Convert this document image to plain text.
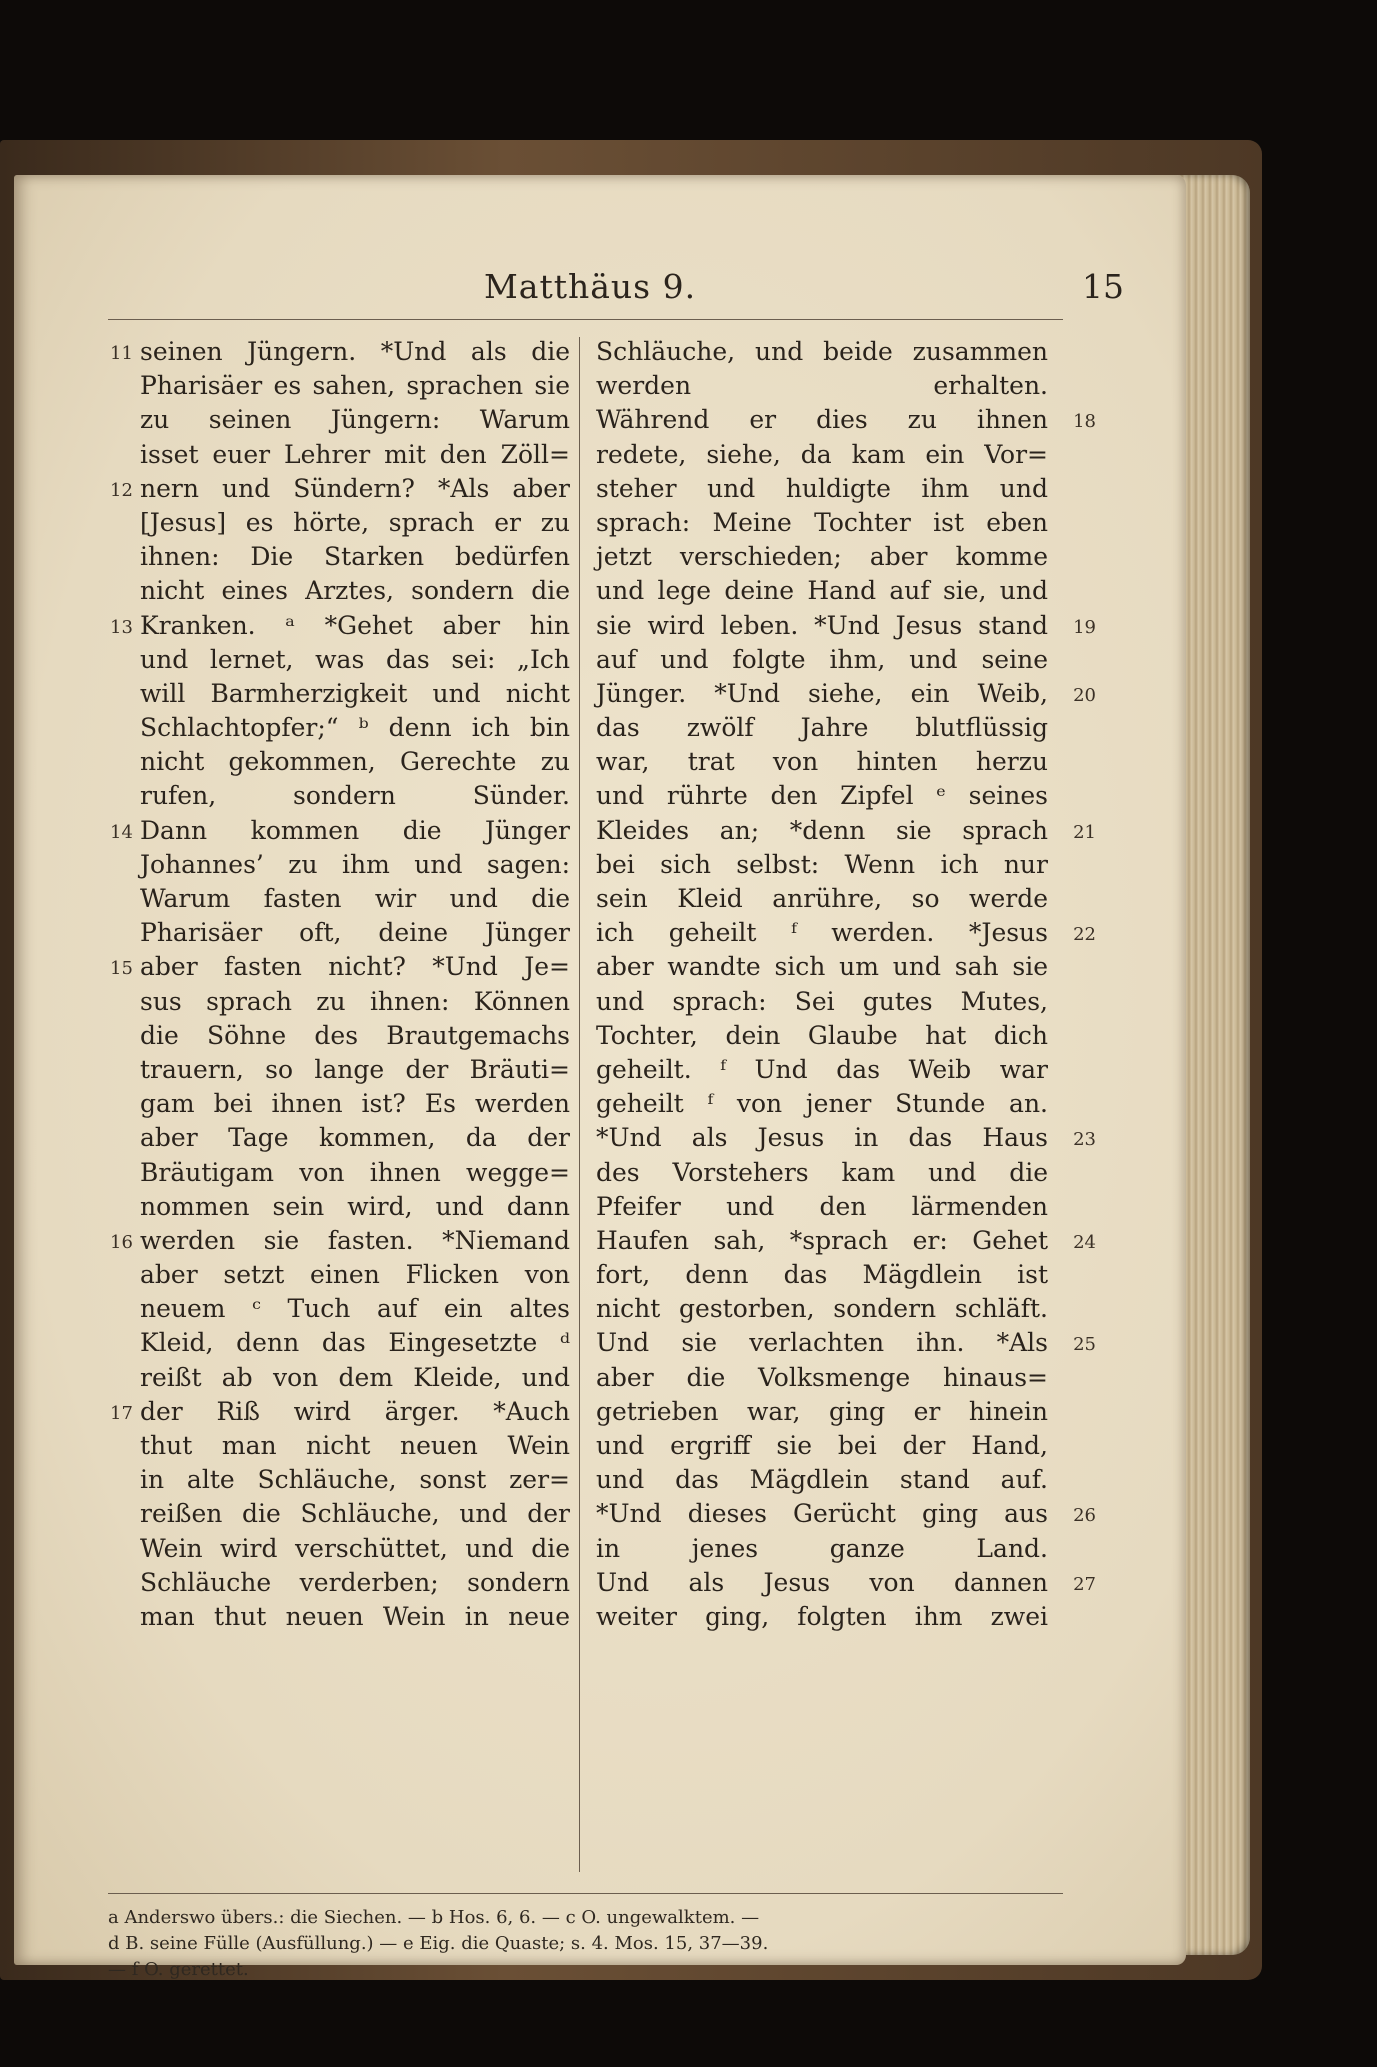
Matthäus 9.	15
11 seinen Jüngern. *Und als die
Pharisäer es sahen, sprachen sie
zu seinen Jüngern: Warum
isset euer Lehrer mit den Zöll=
12 nern und Sündern? *Als aber
[Jesus] es hörte, sprach er zu
ihnen: Die Starken bedürfen
nicht eines Arztes, sondern die
13 Kranken. ᵃ *Gehet aber hin
und lernet, was das sei: „Ich
will Barmherzigkeit und nicht
Schlachtopfer;“ ᵇ denn ich bin
nicht gekommen, Gerechte zu
rufen, sondern Sünder.
14 Dann kommen die Jünger
Johannes’ zu ihm und sagen:
Warum fasten wir und die
Pharisäer oft, deine Jünger
15 aber fasten nicht? *Und Je=
sus sprach zu ihnen: Können
die Söhne des Brautgemachs
trauern, so lange der Bräuti=
gam bei ihnen ist? Es werden
aber Tage kommen, da der
Bräutigam von ihnen wegge=
nommen sein wird, und dann
16 werden sie fasten. *Niemand
aber setzt einen Flicken von
neuem ᶜ Tuch auf ein altes
Kleid, denn das Eingesetzte ᵈ
reißt ab von dem Kleide, und
17 der Riß wird ärger. *Auch
thut man nicht neuen Wein
in alte Schläuche, sonst zer=
reißen die Schläuche, und der
Wein wird verschüttet, und die
Schläuche verderben; sondern
man thut neuen Wein in neue
Schläuche, und beide zusammen
werden erhalten.
18
Während er dies zu ihnen
redete, siehe, da kam ein Vor=
steher und huldigte ihm und
sprach: Meine Tochter ist eben
jetzt verschieden; aber komme
und lege deine Hand auf sie, und
19
sie wird leben. *Und Jesus stand
auf und folgte ihm, und seine
20
Jünger. *Und siehe, ein Weib,
das zwölf Jahre blutflüssig
war, trat von hinten herzu
und rührte den Zipfel ᵉ seines
21
Kleides an; *denn sie sprach
bei sich selbst: Wenn ich nur
sein Kleid anrühre, so werde
22
ich geheilt ᶠ werden. *Jesus
aber wandte sich um und sah sie
und sprach: Sei gutes Mutes,
Tochter, dein Glaube hat dich
geheilt. ᶠ Und das Weib war
geheilt ᶠ von jener Stunde an.
23
*Und als Jesus in das Haus
des Vorstehers kam und die
Pfeifer und den lärmenden
24
Haufen sah, *sprach er: Gehet
fort, denn das Mägdlein ist
nicht gestorben, sondern schläft.
25
Und sie verlachten ihn. *Als
aber die Volksmenge hinaus=
getrieben war, ging er hinein
und ergriff sie bei der Hand,
und das Mägdlein stand auf.
26
*Und dieses Gerücht ging aus
in jenes ganze Land.
27
Und als Jesus von dannen
weiter ging, folgten ihm zwei
a Anderswo übers.: die Siechen. — b Hos. 6, 6. — c O. ungewalktem. —
d B. seine Fülle (Ausfüllung.) — e Eig. die Quaste; s. 4. Mos. 15, 37—39.
— f O. gerettet.
